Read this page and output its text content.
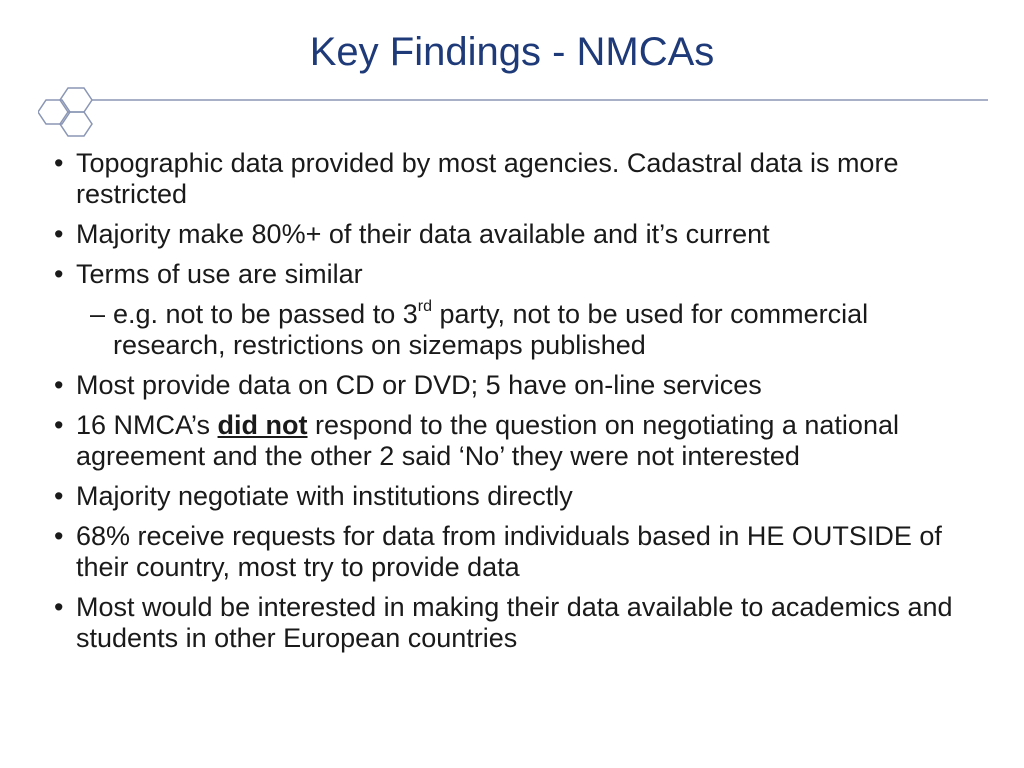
Key Findings - NMCAs
• Topographic data provided by most agencies. Cadastral data is more restricted
• Majority make 80%+ of their data available and it’s current
• Terms of use are similar
– e.g. not to be passed to 3rd party, not to be used for commercial research, restrictions on sizemaps published
• Most provide data on CD or DVD; 5 have on-line services
• 16 NMCA’s did not respond to the question on negotiating a national agreement and the other 2 said ‘No’ they were not interested
• Majority negotiate with institutions directly
• 68% receive requests for data from individuals based in HE OUTSIDE of their country, most try to provide data
• Most would be interested in making their data available to academics and students in other European countries
